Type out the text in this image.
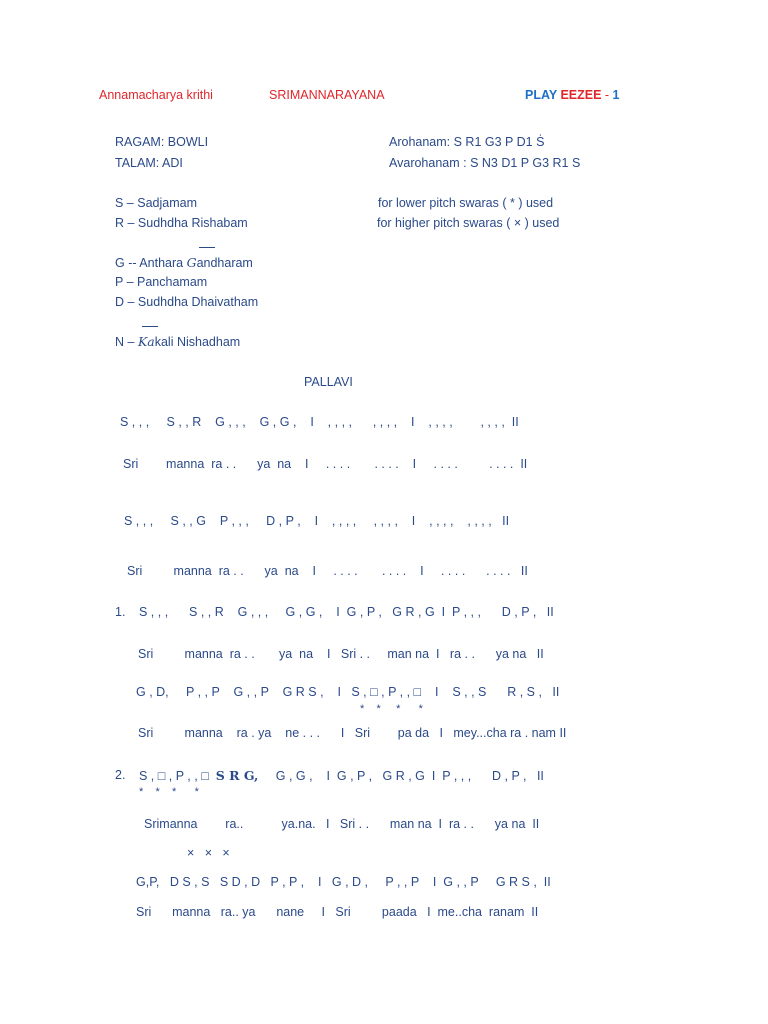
Annamacharya krithi	SRIMANNARAYANA	PLAY EEZEE - 1
RAGAM: BOWLI
TALAM: ADI
Arohanam: S R1 G3 P D1 Ṡ
Avarohanam : S N3 D1 P G3 R1 S
S – Sadjamam
R – Sudhdha Rishabam
for lower pitch swaras ( * ) used
for higher pitch swaras ( × ) used
G -- Anthara Gandharam
P – Panchamam
D – Sudhdha Dhaivatham
N – Kakali Nishadham
PALLAVI
S , , ,     S , , R    G , , ,    G , G ,    I    , , , ,      , , , ,    I    , , , ,        , , , ,  II
Sri        manna  ra . .      ya  na    I     . . . .       . . . .    I     . . . .         . . . .  II
S , , ,     S , , G    P , , ,     D , P ,    I    , , , ,     , , , ,    I    , , , ,    , , , ,   II
Sri         manna  ra . .      ya  na    I     . . . .       . . . .    I     . . . .      . . . .   II
1. S , , ,      S , , R    G , , ,     G , G ,    I  G , P ,   G R , G  I  P , , ,      D , P ,   II
Sri         manna  ra . .       ya  na    I   Sri . .     man na  I   ra . .      ya na   II
G , D,     P , , P    G , , P    G R S ,    I   S , □ , P , , □    I    S , , S      R , S ,   II
*    *     *      *
Sri         manna    ra . ya    ne . . .      I   Sri        pa da   I   mey...cha ra . nam II
2. S , □ , P , , □  S R G,     G , G ,    I  G , P ,   G R , G  I  P , , ,      D , P ,   II
*    *    *      *
Srimanna        ra..           ya.na.   I   Sri . .      man na  I  ra . .      ya na  II
×   ×   ×
G,P,   D S , S   S D , D   P , P ,    I   G , D ,     P , , P    I  G , , P     G R S ,  II
Sri      manna   ra.. ya      nane     I   Sri         paada   I  me..cha  ranam  II
